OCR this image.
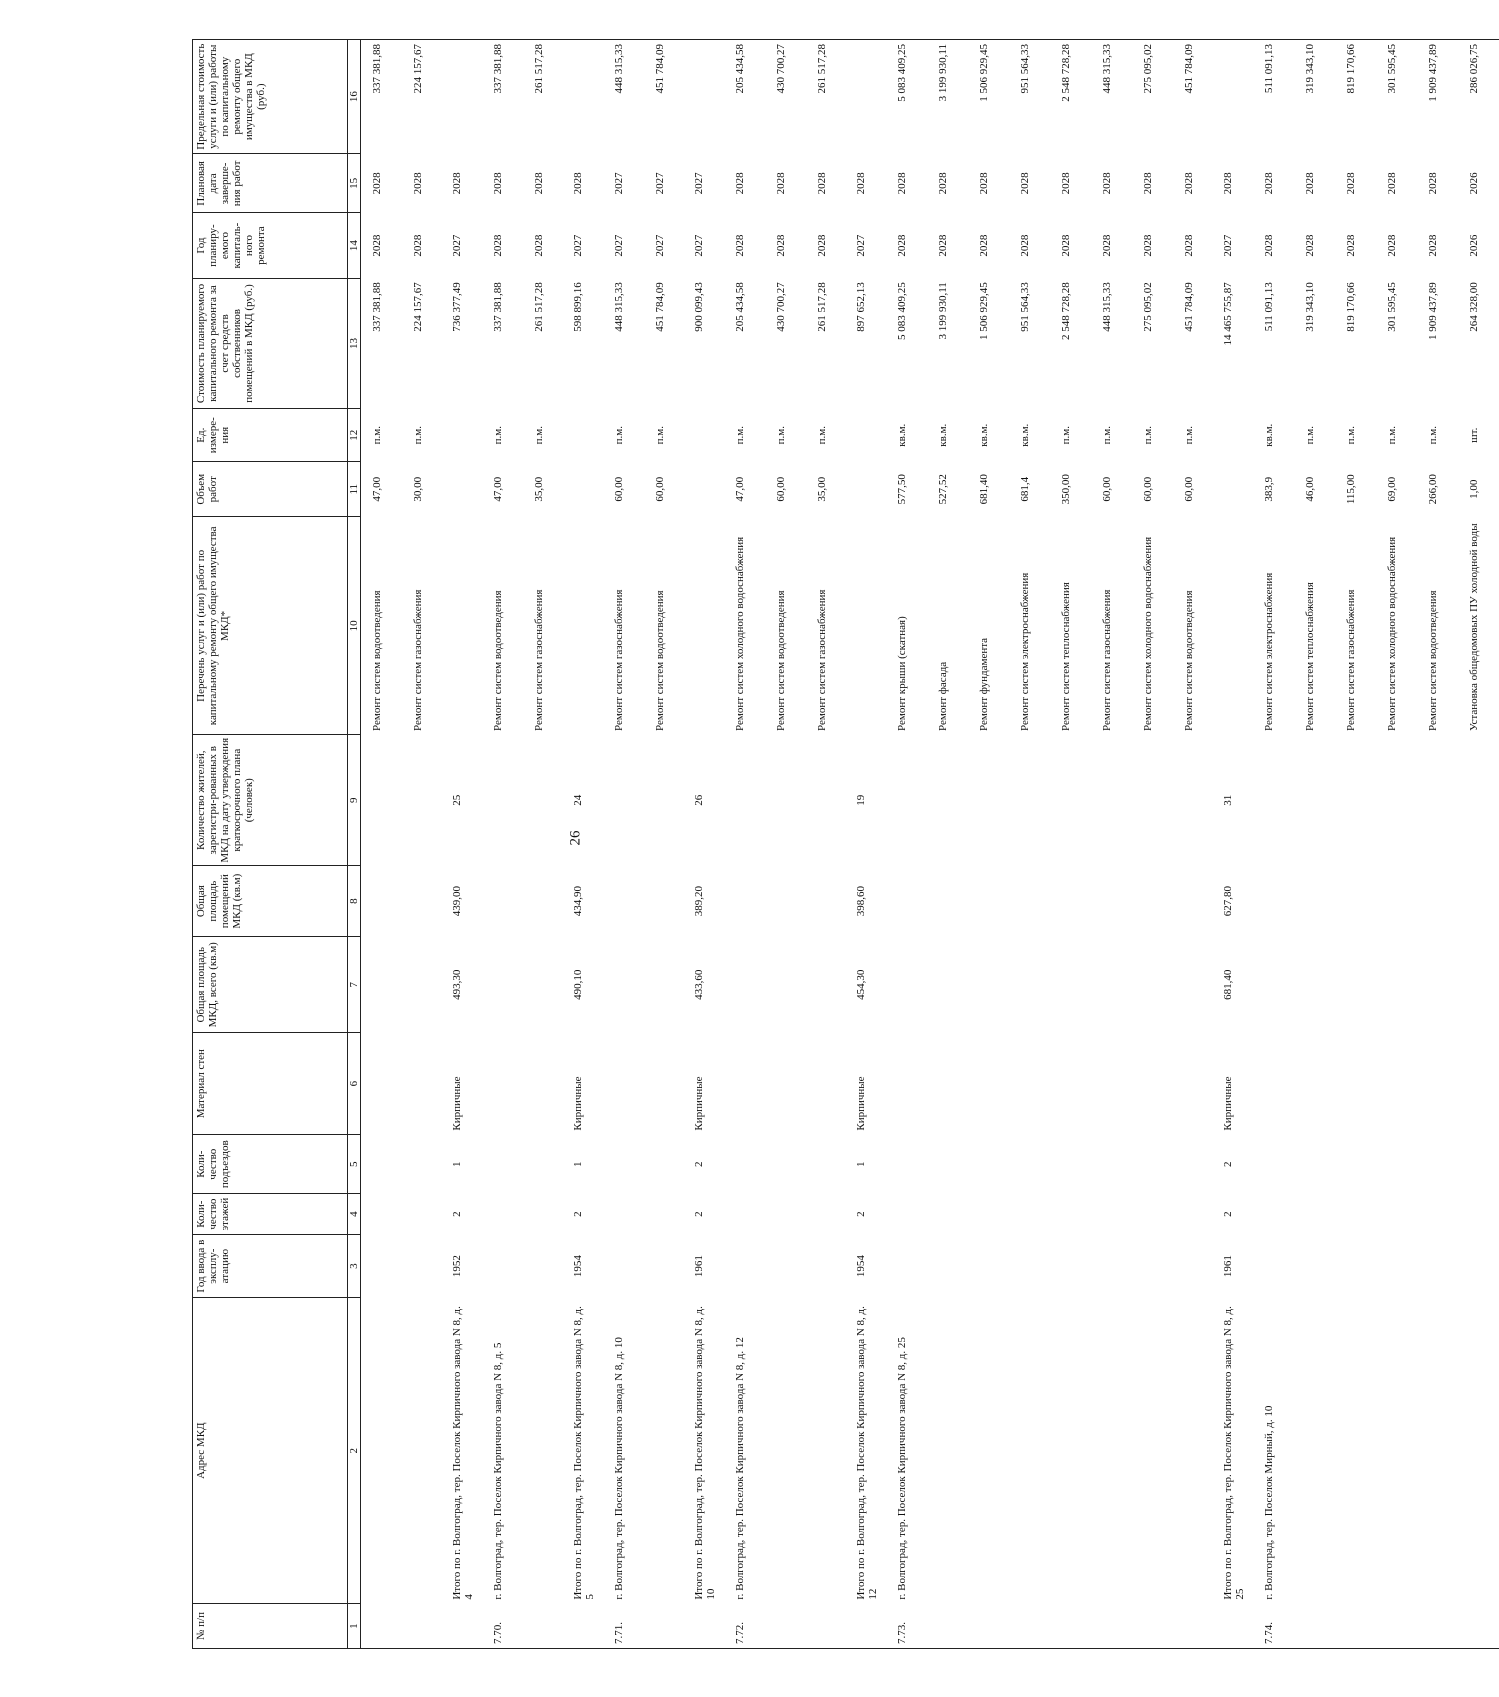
26
№ п/п	Адрес МКД	Год ввода в эксплу-атацию	Коли-чество этажей	Коли-чество подъездов	Материал стен	Общая площадь МКД, всего (кв.м)	Общая площадь помещений МКД (кв.м)	Количество жителей, зарегистри-рованных в МКД на дату утверждения краткосрочного плана (человек)	Перечень услуг и (или) работ по капитальному ремонту общего имущества МКД*	Объем работ	Ед. измере-ния	Стоимость планируемого капитального ремонта за счет средств собственников помещений в МКД (руб.)	Год планиру-емого капиталь-ного ремонта	Плановая дата заверше-ния работ	Предельная стоимость услуги и (или) работы по капитальному ремонту общего имущества в МКД (руб.)
1	2	3	4	5	6	7	8	9	10	11	12	13	14	15	16
									Ремонт систем водоотведения	47,00	п.м.	337 381,88	2028	2028	337 381,88
									Ремонт систем газоснабжения	30,00	п.м.	224 157,67	2028	2028	224 157,67
	Итого по г. Волгоград, тер. Поселок Кирпичного завода N 8, д. 4	1952	2	1	Кирпичные	493,30	439,00	25				736 377,49	2027	2028	
7.70.	г. Волгоград, тер. Поселок Кирпичного завода N 8, д. 5								Ремонт систем водоотведения	47,00	п.м.	337 381,88	2028	2028	337 381,88
									Ремонт систем газоснабжения	35,00	п.м.	261 517,28	2028	2028	261 517,28
	Итого по г. Волгоград, тер. Поселок Кирпичного завода N 8, д. 5	1954	2	1	Кирпичные	490,10	434,90	24				598 899,16	2027	2028	
7.71.	г. Волгоград, тер. Поселок Кирпичного завода N 8, д. 10								Ремонт систем газоснабжения	60,00	п.м.	448 315,33	2027	2027	448 315,33
									Ремонт систем водоотведения	60,00	п.м.	451 784,09	2027	2027	451 784,09
	Итого по г. Волгоград, тер. Поселок Кирпичного завода N 8, д. 10	1961	2	2	Кирпичные	433,60	389,20	26				900 099,43	2027	2027	
7.72.	г. Волгоград, тер. Поселок Кирпичного завода N 8, д. 12								Ремонт систем холодного водоснабжения	47,00	п.м.	205 434,58	2028	2028	205 434,58
									Ремонт систем водоотведения	60,00	п.м.	430 700,27	2028	2028	430 700,27
									Ремонт систем газоснабжения	35,00	п.м.	261 517,28	2028	2028	261 517,28
	Итого по г. Волгоград, тер. Поселок Кирпичного завода N 8, д. 12	1954	2	1	Кирпичные	454,30	398,60	19				897 652,13	2027	2028	
7.73.	г. Волгоград, тер. Поселок Кирпичного завода N 8, д. 25								Ремонт крыши (скатная)	577,50	кв.м.	5 083 409,25	2028	2028	5 083 409,25
									Ремонт фасада	527,52	кв.м.	3 199 930,11	2028	2028	3 199 930,11
									Ремонт фундамента	681,40	кв.м.	1 506 929,45	2028	2028	1 506 929,45
									Ремонт систем электроснабжения	681,4	кв.м.	951 564,33	2028	2028	951 564,33
									Ремонт систем теплоснабжения	350,00	п.м.	2 548 728,28	2028	2028	2 548 728,28
									Ремонт систем газоснабжения	60,00	п.м.	448 315,33	2028	2028	448 315,33
									Ремонт систем холодного водоснабжения	60,00	п.м.	275 095,02	2028	2028	275 095,02
									Ремонт систем водоотведения	60,00	п.м.	451 784,09	2028	2028	451 784,09
	Итого по г. Волгоград, тер. Поселок Кирпичного завода N 8, д. 25	1961	2	2	Кирпичные	681,40	627,80	31				14 465 755,87	2027	2028	
7.74.	г. Волгоград, тер. Поселок Мирный, д. 10								Ремонт систем электроснабжения	383,9	кв.м.	511 091,13	2028	2028	511 091,13
									Ремонт систем теплоснабжения	46,00	п.м.	319 343,10	2028	2028	319 343,10
									Ремонт систем газоснабжения	115,00	п.м.	819 170,66	2028	2028	819 170,66
									Ремонт систем холодного водоснабжения	69,00	п.м.	301 595,45	2028	2028	301 595,45
									Ремонт систем водоотведения	266,00	п.м.	1 909 437,89	2028	2028	1 909 437,89
									Установка общедомовых ПУ холодной воды	1,00	шт.	264 328,00	2026	2026	286 026,75
